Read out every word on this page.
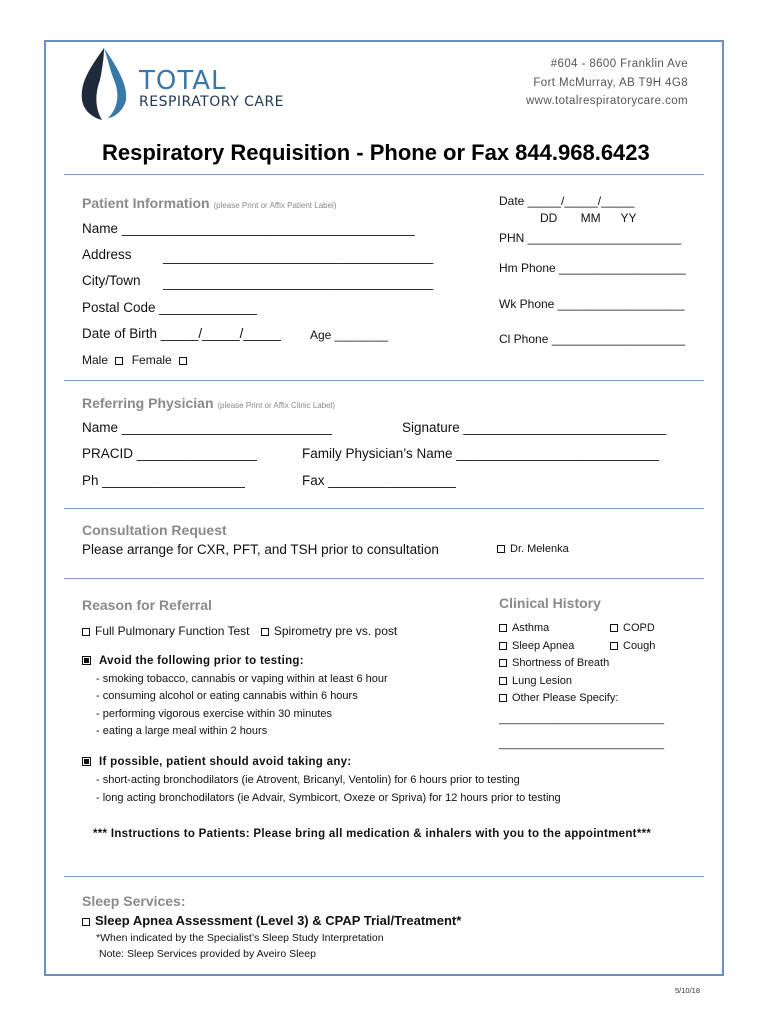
TOTAL
RESPIRATORY CARE
#604 - 8600 Franklin Ave
Fort McMurray, AB T9H 4G8
www.totalrespiratorycare.com
Respiratory Requisition - Phone or Fax 844.968.6423
Patient Information (please Print or Affix Patient Label)
Name _______________________________________
Address ____________________________________
City/Town ____________________________________
Postal Code _____________
Date of Birth _____/_____/_____ Age ________
Male Female
Date _____/_____/_____
DD       MM      YY
PHN _______________________
Hm Phone ___________________
Wk Phone ___________________
Cl Phone ____________________
Referring Physician (please Print or Affix Clinic Label)
Name ____________________________	Signature ___________________________
PRACID ________________	Family Physician’s Name ___________________________
Ph ___________________	Fax _________________
Consultation Request
Please arrange for CXR, PFT, and TSH prior to consultation	Dr. Melenka
Reason for Referral
Full Pulmonary Function Test Spirometry pre vs. post
Avoid the following prior to testing:
- smoking tobacco, cannabis or vaping within at least 6 hour
- consuming alcohol or eating cannabis within 6 hours
- performing vigorous exercise within 30 minutes
- eating a large meal within 2 hours
Clinical History
Asthma	COPD
Sleep Apnea	Cough
Shortness of Breath
Lung Lesion
Other Please Specify:
___________________________
___________________________
If possible, patient should avoid taking any:
- short-acting bronchodilators (ie Atrovent, Bricanyl, Ventolin) for 6 hours prior to testing
- long acting bronchodilators (ie Advair, Symbicort, Oxeze or Spriva) for 12 hours prior to testing
*** Instructions to Patients: Please bring all medication & inhalers with you to the appointment***
Sleep Services:
Sleep Apnea Assessment (Level 3) & CPAP Trial/Treatment*
*When indicated by the Specialist’s Sleep Study Interpretation
Note: Sleep Services provided by Aveiro Sleep
5/10/18
